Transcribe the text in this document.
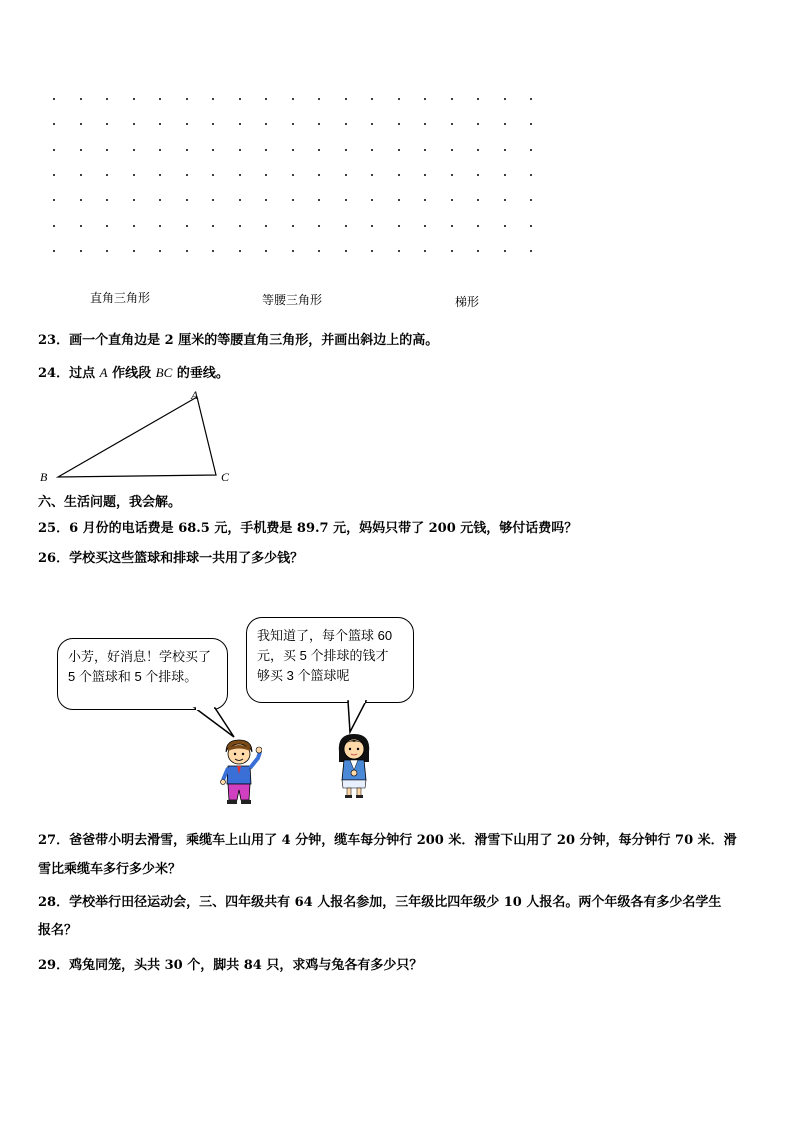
直角三角形	等腰三角形	梯形
23．画一个直角边是 2 厘米的等腰直角三角形，并画出斜边上的高。
24．过点 A 作线段 BC 的垂线。
A
B	C
六、生活问题，我会解。
25．6 月份的电话费是 68.5 元，手机费是 89.7 元，妈妈只带了 200 元钱，够付话费吗？
26．学校买这些篮球和排球一共用了多少钱？
小芳，好消息！学校买了
5 个篮球和 5 个排球。
我知道了，每个篮球 60
元，买 5 个排球的钱才
够买 3 个篮球呢
27．爸爸带小明去滑雪，乘缆车上山用了 4 分钟，缆车每分钟行 200 米．滑雪下山用了 20 分钟，每分钟行 70 米．滑
雪比乘缆车多行多少米？
28．学校举行田径运动会，三、四年级共有 64 人报名参加，三年级比四年级少 10 人报名。两个年级各有多少名学生
报名？
29．鸡兔同笼，头共 30 个，脚共 84 只，求鸡与兔各有多少只？
